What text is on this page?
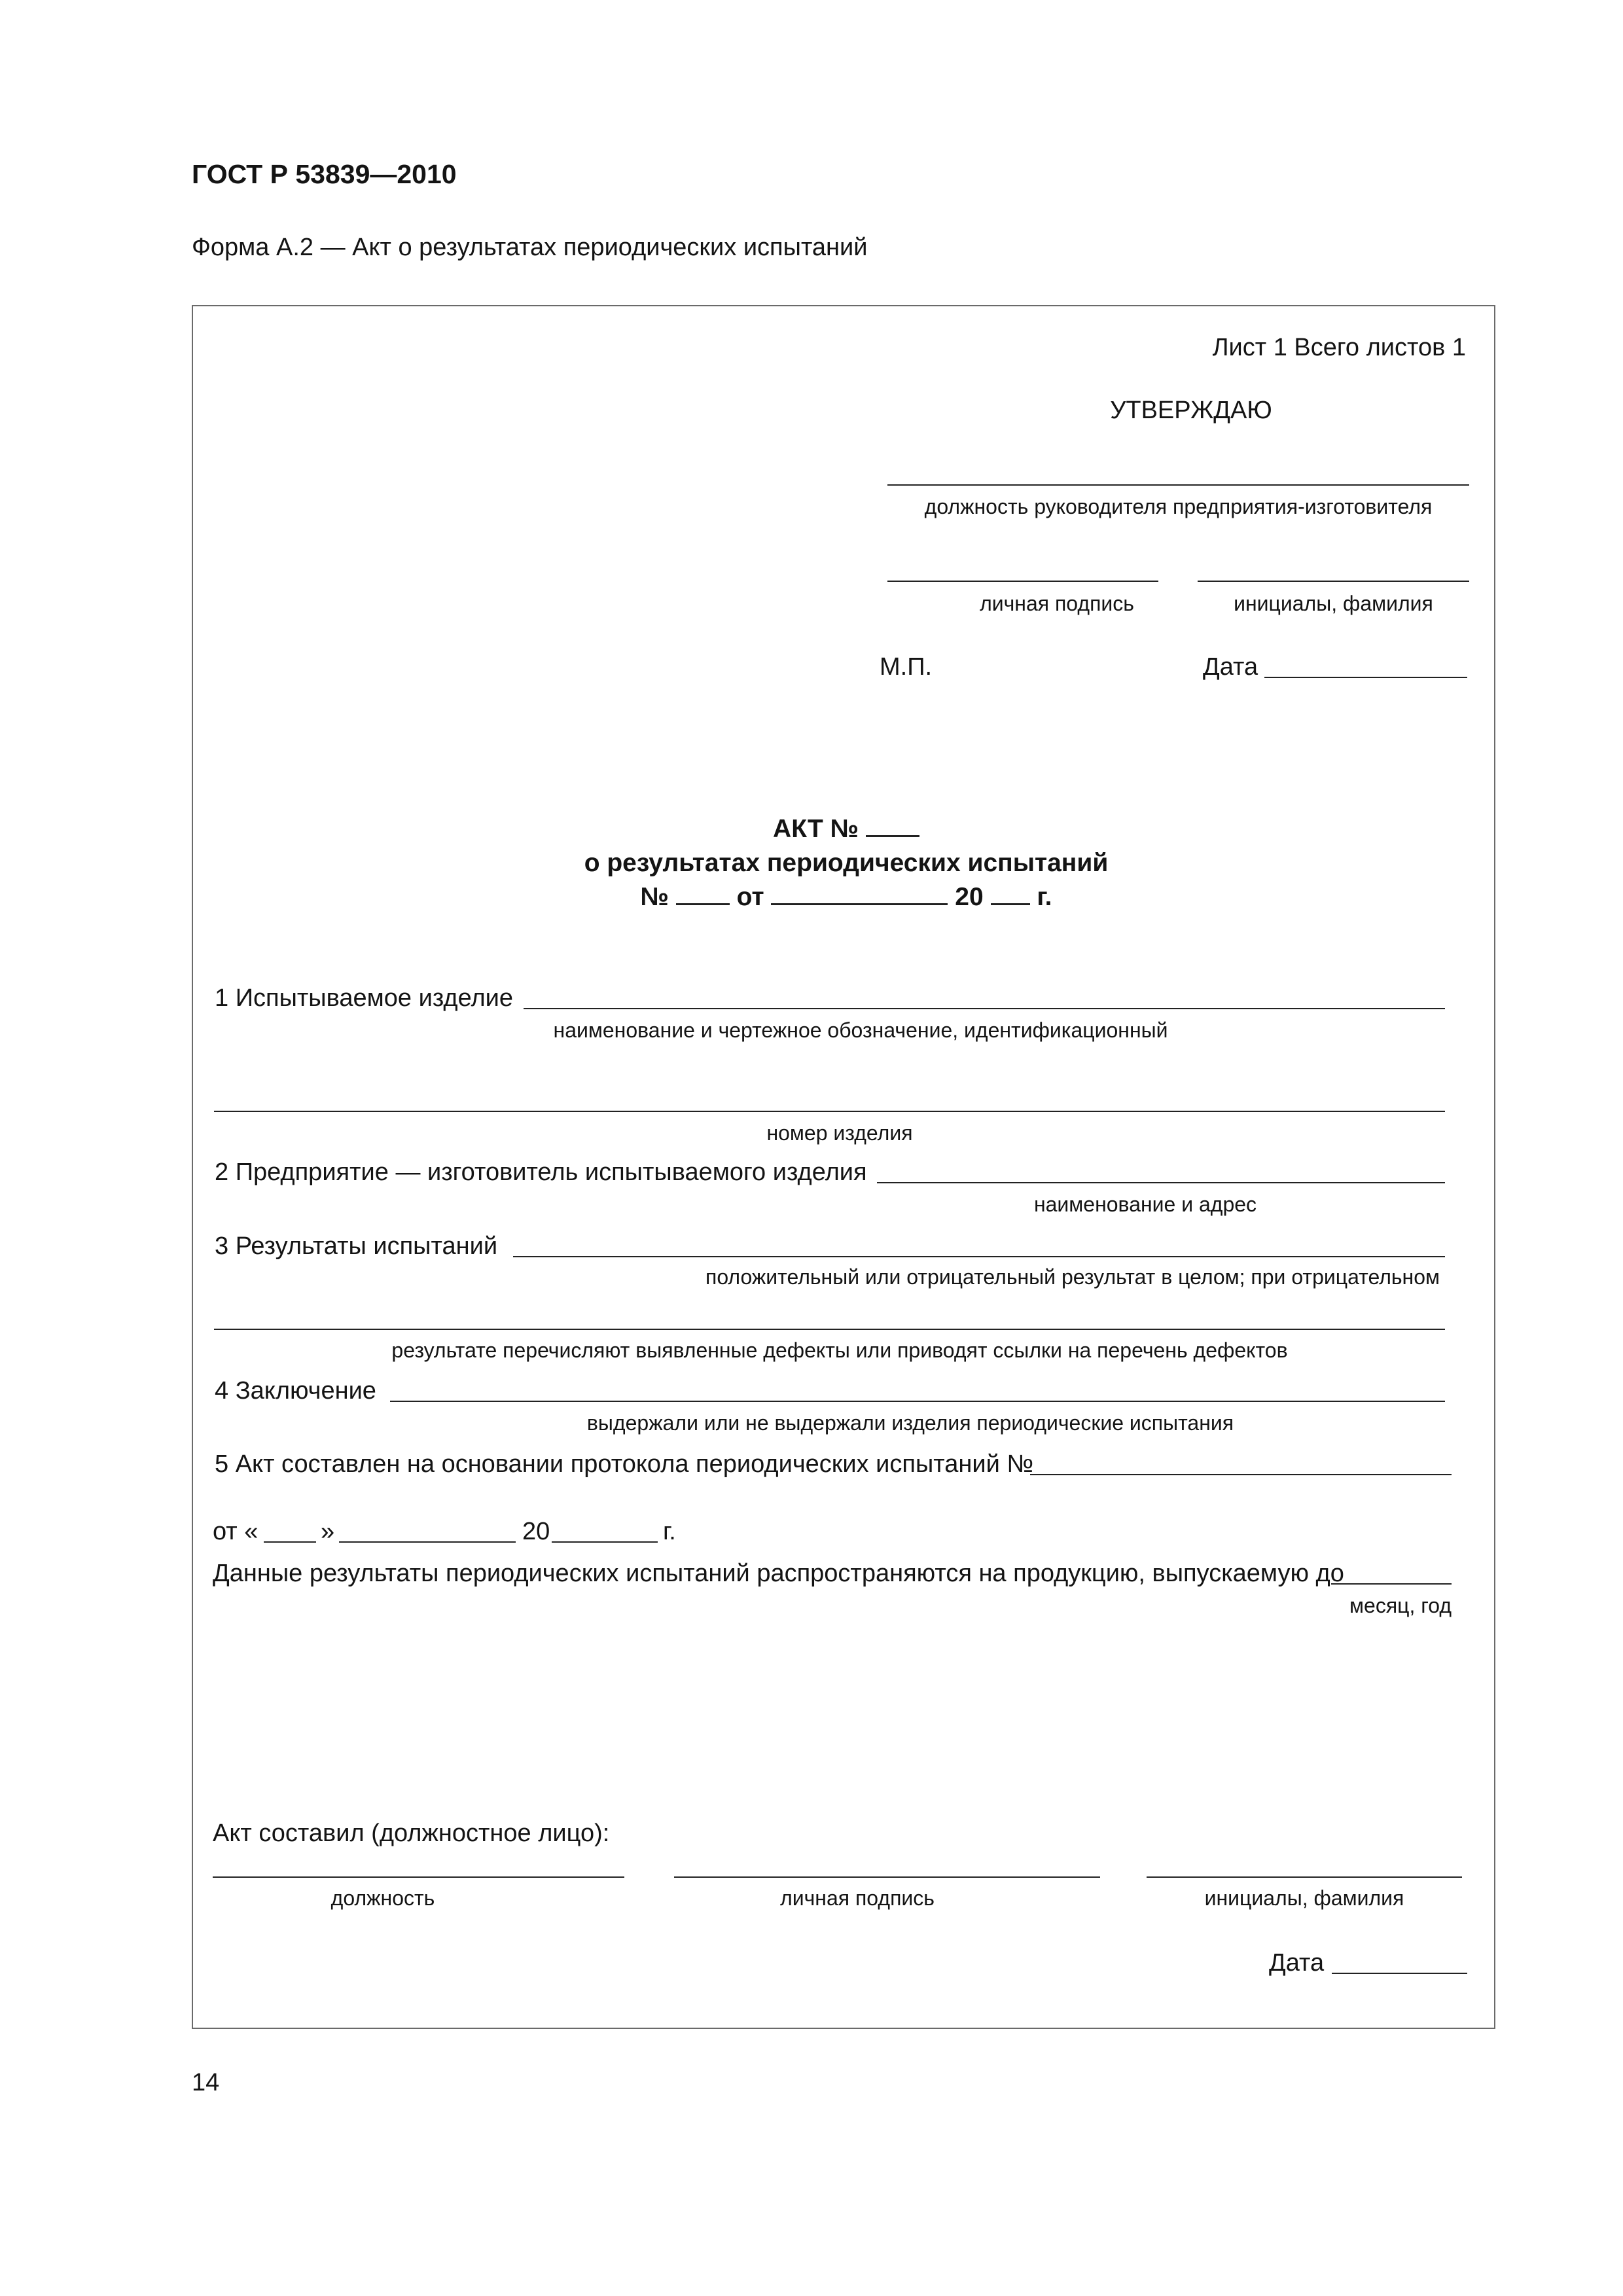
ГОСТ Р 53839—2010
Форма А.2 — Акт о результатах периодических испытаний
Лист 1 Всего листов 1
УТВЕРЖДАЮ
должность руководителя предприятия-изготовителя
личная подпись	инициалы, фамилия
М.П.	Дата
АКТ №
о результатах периодических испытаний
№	от	20 г.
1 Испытываемое изделие
наименование и чертежное обозначение, идентификационный
номер изделия
2 Предприятие — изготовитель испытываемого изделия
наименование и адрес
3 Результаты испытаний
положительный или отрицательный результат в целом; при отрицательном
результате перечисляют выявленные дефекты или приводят ссылки на перечень дефектов
4 Заключение
выдержали или не выдержали изделия периодические испытания
5 Акт составлен на основании протокола периодических испытаний №
от «	»	20	г.
Данные результаты периодических испытаний распространяются на продукцию, выпускаемую до
месяц, год
Акт составил (должностное лицо):
должность	личная подпись	инициалы, фамилия
Дата
14
